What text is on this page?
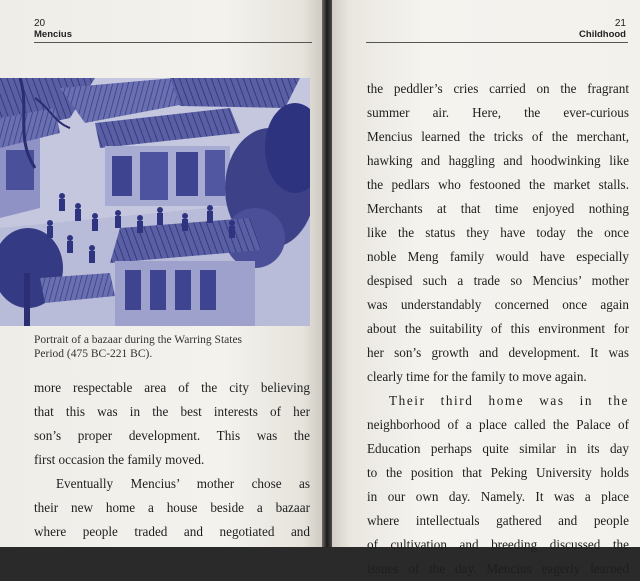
20
Mencius

Portrait of a bazaar during the Warring States
Period (475 BC-221 BC).

more respectable area of the city believing
that this was in the best interests of her
son’s proper development. This was the
first occasion the family moved.
Eventually Mencius’ mother chose as
their new home a house beside a bazaar
where people traded and negotiated and
21
Childhood
the peddler’s cries carried on the fragrant
summer air. Here, the ever-curious
Mencius learned the tricks of the merchant,
hawking and haggling and hoodwinking like
the pedlars who festooned the market stalls.
Merchants at that time enjoyed nothing
like the status they have today the once
noble Meng family would have especially
despised such a trade so Mencius’ mother
was understandably concerned once again
about the suitability of this environment for
her son’s growth and development. It was
clearly time for the family to move again.
Their third home was in the
neighborhood of a place called the Palace of
Education perhaps quite similar in its day
to the position that Peking University holds
in our own day. Namely. It was a place
where intellectuals gathered and people
of cultivation and breeding discussed the
issues of the day. Mencius eagerly learned
